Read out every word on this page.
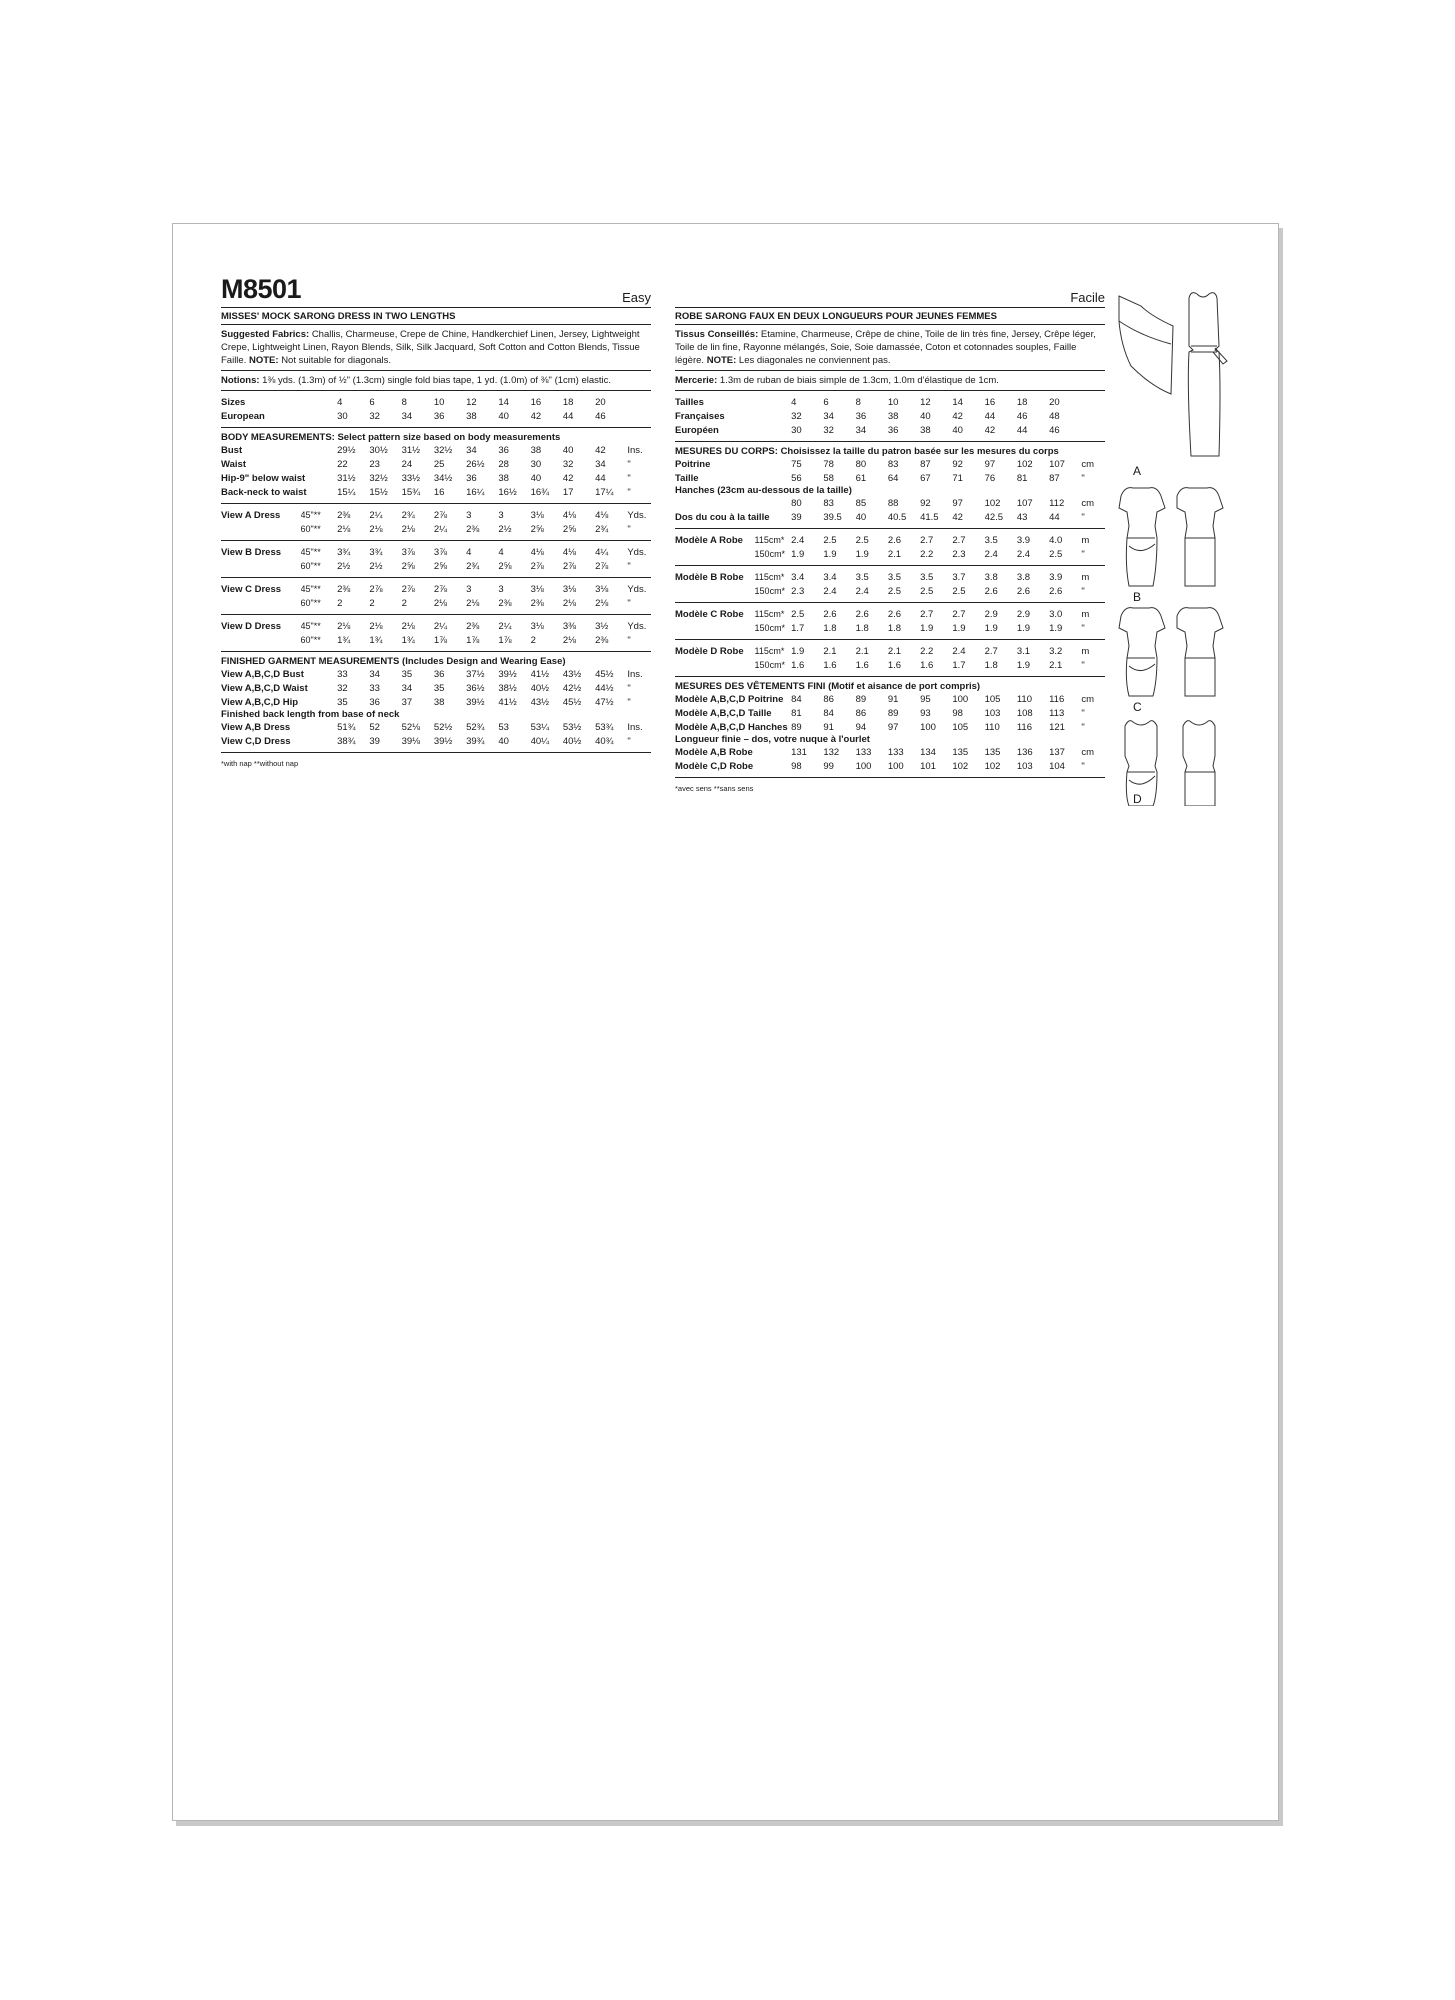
M8501	Easy
MISSES' MOCK SARONG DRESS IN TWO LENGTHS
Suggested Fabrics: Challis, Charmeuse, Crepe de Chine, Handkerchief Linen, Jersey, Lightweight Crepe, Lightweight Linen, Rayon Blends, Silk, Silk Jacquard, Soft Cotton and Cotton Blends, Tissue Faille. NOTE: Not suitable for diagonals.
Notions: 1⅜ yds. (1.3m) of ½" (1.3cm) single fold bias tape, 1 yd. (1.0m) of ⅜" (1cm) elastic.
Sizes	4	6	8	10	12	14	16	18	20	
European	30	32	34	36	38	40	42	44	46	
BODY MEASUREMENTS: Select pattern size based on body measurements
Bust	29½	30½	31½	32½	34	36	38	40	42	Ins.
Waist	22	23	24	25	26½	28	30	32	34	"
Hip-9" below waist	31½	32½	33½	34½	36	38	40	42	44	"
Back-neck to waist	15¼	15½	15¾	16	16¼	16½	16¾	17	17¼	"
View A Dress	45"**	2⅜	2¼	2¾	2⅞	3	3	3⅛	4⅛	4⅛	Yds.
	60"**	2⅛	2⅛	2⅛	2¼	2⅜	2½	2⅝	2⅝	2¾	"
View B Dress	45"**	3¾	3¾	3⅞	3⅞	4	4	4⅛	4⅛	4¼	Yds.
	60"**	2½	2½	2⅝	2⅝	2¾	2⅝	2⅞	2⅞	2⅞	"
View C Dress	45"**	2⅜	2⅞	2⅞	2⅞	3	3	3⅛	3⅛	3⅛	Yds.
	60"**	2	2	2	2⅛	2⅛	2⅜	2⅜	2⅛	2⅛	"
View D Dress	45"**	2⅛	2⅛	2⅛	2¼	2⅜	2¼	3⅛	3⅜	3½	Yds.
	60"**	1¾	1¾	1¾	1⅞	1⅞	1⅞	2	2⅛	2⅜	"
FINISHED GARMENT MEASUREMENTS (Includes Design and Wearing Ease)
View A,B,C,D Bust	33	34	35	36	37½	39½	41½	43½	45½	Ins.
View A,B,C,D Waist	32	33	34	35	36½	38½	40½	42½	44½	"
View A,B,C,D Hip	35	36	37	38	39½	41½	43½	45½	47½	"
Finished back length from base of neck
View A,B Dress	51¾	52	52⅛	52½	52¾	53	53¼	53½	53¾	Ins.
View C,D Dress	38¾	39	39⅛	39½	39¾	40	40¼	40½	40¾	"
*with nap **without nap
Facile
ROBE SARONG FAUX EN DEUX LONGUEURS POUR JEUNES FEMMES
Tissus Conseillés: Etamine, Charmeuse, Crêpe de chine, Toile de lin très fine, Jersey, Crêpe léger, Toile de lin fine, Rayonne mélangés, Soie, Soie damassée, Coton et cotonnades souples, Faille légère. NOTE: Les diagonales ne conviennent pas.
Mercerie: 1.3m de ruban de biais simple de 1.3cm, 1.0m d'élastique de 1cm.
Tailles	4	6	8	10	12	14	16	18	20	
Françaises	32	34	36	38	40	42	44	46	48	
Européen	30	32	34	36	38	40	42	44	46	
MESURES DU CORPS: Choisissez la taille du patron basée sur les mesures du corps
Poitrine	75	78	80	83	87	92	97	102	107	cm
Taille	56	58	61	64	67	71	76	81	87	"
Hanches (23cm au-dessous de la taille)
	80	83	85	88	92	97	102	107	112	cm
Dos du cou à la taille	39	39.5	40	40.5	41.5	42	42.5	43	44	"
Modèle A Robe	115cm*	2.4	2.5	2.5	2.6	2.7	2.7	3.5	3.9	4.0	m
	150cm*	1.9	1.9	1.9	2.1	2.2	2.3	2.4	2.4	2.5	"
Modèle B Robe	115cm*	3.4	3.4	3.5	3.5	3.5	3.7	3.8	3.8	3.9	m
	150cm*	2.3	2.4	2.4	2.5	2.5	2.5	2.6	2.6	2.6	"
Modèle C Robe	115cm*	2.5	2.6	2.6	2.6	2.7	2.7	2.9	2.9	3.0	m
	150cm*	1.7	1.8	1.8	1.8	1.9	1.9	1.9	1.9	1.9	"
Modèle D Robe	115cm*	1.9	2.1	2.1	2.1	2.2	2.4	2.7	3.1	3.2	m
	150cm*	1.6	1.6	1.6	1.6	1.6	1.7	1.8	1.9	2.1	"
MESURES DES VÊTEMENTS FINI (Motif et aisance de port compris)
Modèle A,B,C,D Poitrine	84	86	89	91	95	100	105	110	116	cm
Modèle A,B,C,D Taille	81	84	86	89	93	98	103	108	113	"
Modèle A,B,C,D Hanches	89	91	94	97	100	105	110	116	121	"
Longueur finie – dos, votre nuque à l'ourlet
Modèle A,B Robe	131	132	133	133	134	135	135	136	137	cm
Modèle C,D Robe	98	99	100	100	101	102	102	103	104	"
*avec sens **sans sens
A
B
C
D
